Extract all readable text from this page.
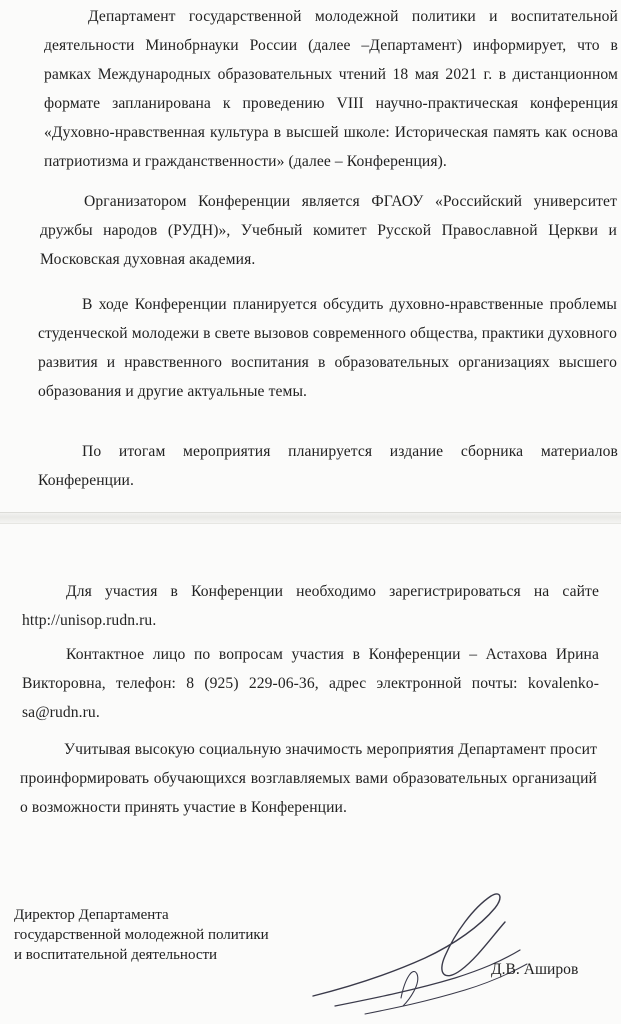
Департамент государственной молодежной политики и воспитательной деятельности Минобрнауки России (далее –Департамент) информирует, что в рамках Международных образовательных чтений 18 мая 2021 г. в дистанционном формате запланирована к проведению VIII научно-практическая конференция «Духовно-нравственная культура в высшей школе: Историческая память как основа патриотизма и гражданственности» (далее – Конференция).

Организатором Конференции является ФГАОУ «Российский университет дружбы народов (РУДН)», Учебный комитет Русской Православной Церкви и Московская духовная академия.

В ходе Конференции планируется обсудить духовно-нравственные проблемы студенческой молодежи в свете вызовов современного общества, практики духовного развития и нравственного воспитания в образовательных организациях высшего образования и другие актуальные темы.

По итогам мероприятия планируется издание сборника материалов Конференции.

Для участия в Конференции необходимо зарегистрироваться на сайте http://unisop.rudn.ru.

Контактное лицо по вопросам участия в Конференции – Астахова Ирина Викторовна, телефон: 8 (925) 229-06-36, адрес электронной почты: kovalenko-sa@rudn.ru.

Учитывая высокую социальную значимость мероприятия Департамент просит проинформировать обучающихся возглавляемых вами образовательных организаций о возможности принять участие в Конференции.

Директор Департамента
государственной молодежной политики
и воспитательной деятельности
Д.В. Аширов
